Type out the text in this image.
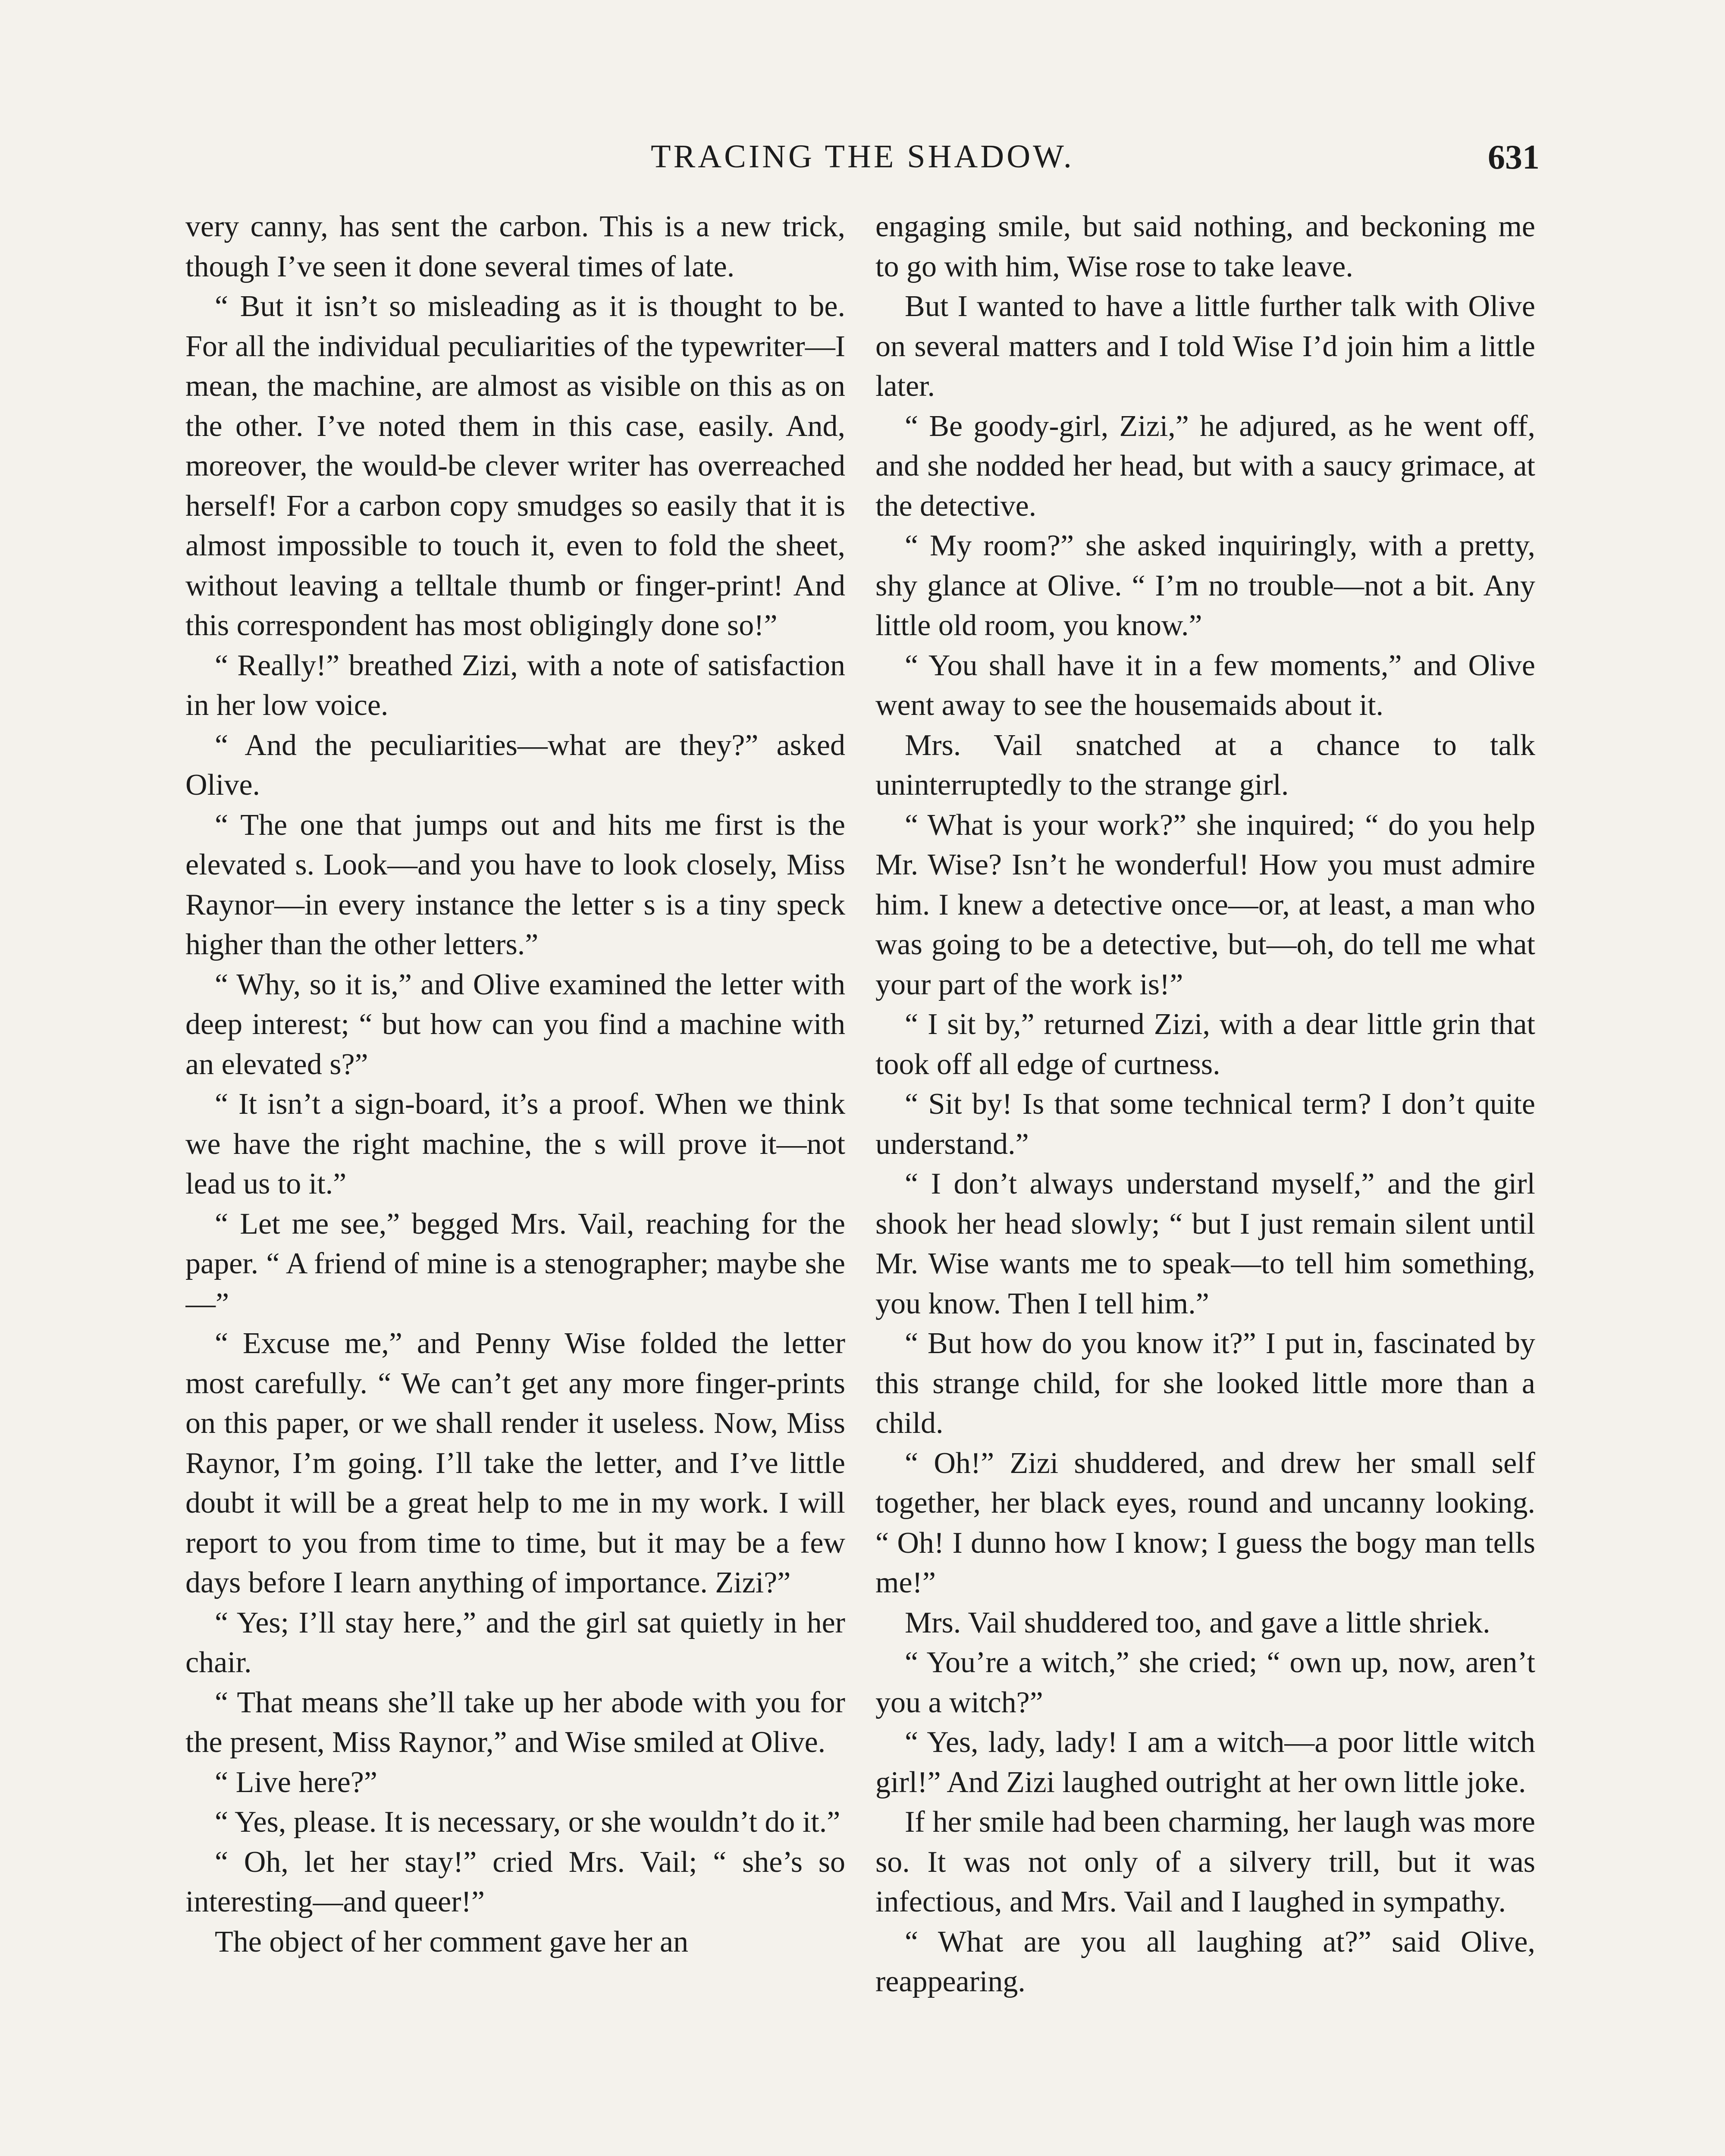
TRACING THE SHADOW.	631

very canny, has sent the carbon. This is a new trick, though I’ve seen it done several times of late.

“ But it isn’t so misleading as it is thought to be. For all the individual peculiarities of the typewriter—I mean, the machine, are almost as visible on this as on the other. I’ve noted them in this case, easily. And, moreover, the would-be clever writer has overreached herself! For a carbon copy smudges so easily that it is almost impossible to touch it, even to fold the sheet, without leaving a telltale thumb or finger-print! And this correspondent has most obligingly done so!”

“ Really!” breathed Zizi, with a note of satisfaction in her low voice.

“ And the peculiarities—what are they?” asked Olive.

“ The one that jumps out and hits me first is the elevated s. Look—and you have to look closely, Miss Raynor—in every instance the letter s is a tiny speck higher than the other letters.”

“ Why, so it is,” and Olive examined the letter with deep interest; “ but how can you find a machine with an elevated s?”

“ It isn’t a sign-board, it’s a proof. When we think we have the right machine, the s will prove it—not lead us to it.”

“ Let me see,” begged Mrs. Vail, reaching for the paper. “ A friend of mine is a stenographer; maybe she—”

“ Excuse me,” and Penny Wise folded the letter most carefully. “ We can’t get any more finger-prints on this paper, or we shall render it useless. Now, Miss Raynor, I’m going. I’ll take the letter, and I’ve little doubt it will be a great help to me in my work. I will report to you from time to time, but it may be a few days before I learn anything of importance. Zizi?”

“ Yes; I’ll stay here,” and the girl sat quietly in her chair.

“ That means she’ll take up her abode with you for the present, Miss Raynor,” and Wise smiled at Olive.

“ Live here?”

“ Yes, please. It is necessary, or she wouldn’t do it.”

“ Oh, let her stay!” cried Mrs. Vail; “ she’s so interesting—and queer!”

The object of her comment gave her an

engaging smile, but said nothing, and beckoning me to go with him, Wise rose to take leave.

But I wanted to have a little further talk with Olive on several matters and I told Wise I’d join him a little later.

“ Be goody-girl, Zizi,” he adjured, as he went off, and she nodded her head, but with a saucy grimace, at the detective.

“ My room?” she asked inquiringly, with a pretty, shy glance at Olive. “ I’m no trouble—not a bit. Any little old room, you know.”

“ You shall have it in a few moments,” and Olive went away to see the housemaids about it.

Mrs. Vail snatched at a chance to talk uninterruptedly to the strange girl.

“ What is your work?” she inquired; “ do you help Mr. Wise? Isn’t he wonderful! How you must admire him. I knew a detective once—or, at least, a man who was going to be a detective, but—oh, do tell me what your part of the work is!”

“ I sit by,” returned Zizi, with a dear little grin that took off all edge of curtness.

“ Sit by! Is that some technical term? I don’t quite understand.”

“ I don’t always understand myself,” and the girl shook her head slowly; “ but I just remain silent until Mr. Wise wants me to speak—to tell him something, you know. Then I tell him.”

“ But how do you know it?” I put in, fascinated by this strange child, for she looked little more than a child.

“ Oh!” Zizi shuddered, and drew her small self together, her black eyes, round and uncanny looking. “ Oh! I dunno how I know; I guess the bogy man tells me!”

Mrs. Vail shuddered too, and gave a little shriek.

“ You’re a witch,” she cried; “ own up, now, aren’t you a witch?”

“ Yes, lady, lady! I am a witch—a poor little witch girl!” And Zizi laughed outright at her own little joke.

If her smile had been charming, her laugh was more so. It was not only of a silvery trill, but it was infectious, and Mrs. Vail and I laughed in sympathy.

“ What are you all laughing at?” said Olive, reappearing.
